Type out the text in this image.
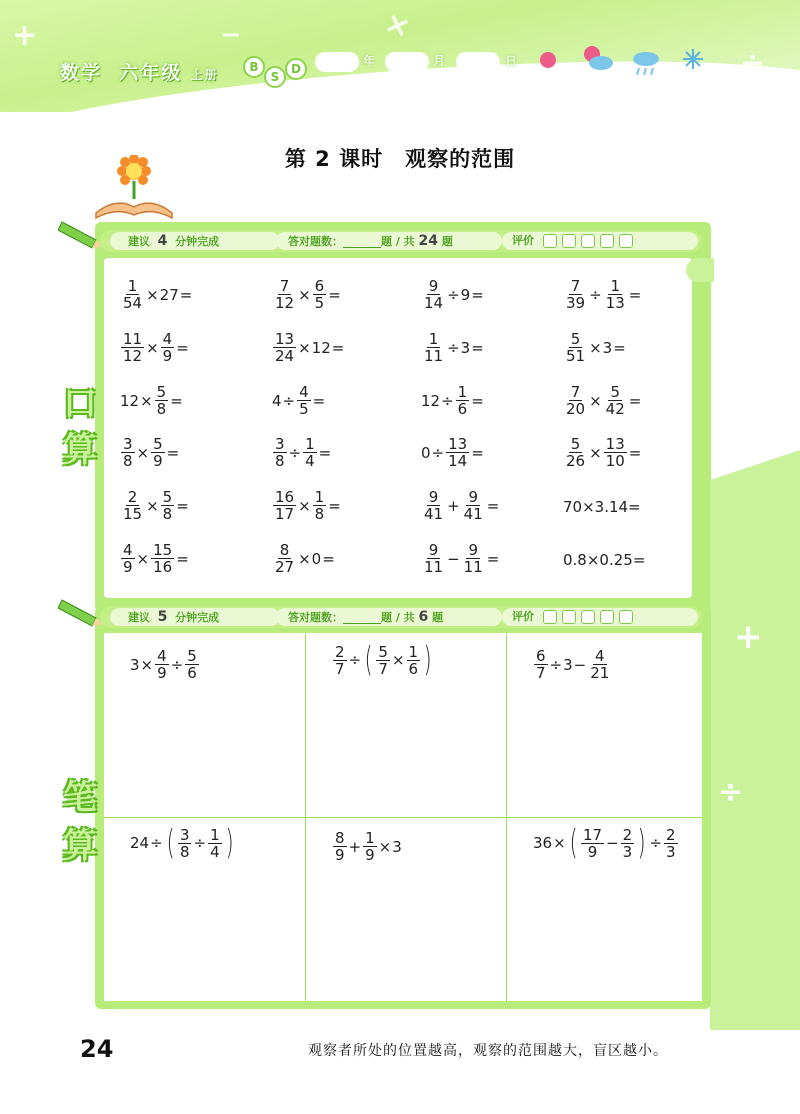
+	−	×
÷
数学 六年级 上册
B
S
D
年	月	日
第 2 课时　观察的范围
建议 4 分钟完成	答对题数：	题 / 共 24 题	评价
口
算
$\frac{1}{54} \times 27$ =	$\frac{7}{12} \times \frac{6}{5}$ =	$\frac{9}{14} \div 9$ =	$\frac{7}{39} \div \frac{1}{13}$ =
$\frac{11}{12} \times \frac{4}{9}$ =	$\frac{13}{24} \times 12$ =	$\frac{1}{11} \div 3$ =	$\frac{5}{51} \times 3$ =
$12 \times \frac{5}{8}$ =	$4 \div \frac{4}{5}$ =	$12 \div \frac{1}{6}$ =	$\frac{7}{20} \times \frac{5}{42}$ =
$\frac{3}{8} \times \frac{5}{9}$ =	$\frac{3}{8} \div \frac{1}{4}$ =	$0 \div \frac{13}{14}$ =	$\frac{5}{26} \times \frac{13}{10}$ =
$\frac{2}{15} \times \frac{5}{8}$ =	$\frac{16}{17} \times \frac{1}{8}$ =	$\frac{9}{41} + \frac{9}{41}$ =	70×3.14=
$\frac{4}{9} \times \frac{15}{16}$ =	$\frac{8}{27} \times 0$ =	$\frac{9}{11} - \frac{9}{11}$ =	0.8×0.25=
+
÷
建议 5 分钟完成	答对题数：	题 / 共 6 题	评价
笔
算
$3 \times \frac{4}{9} \div \frac{5}{6}$	$\frac{2}{7}$ ÷ ( $\frac{5}{7} \times \frac{1}{6}$ )	$\frac{6}{7} \div 3 - \frac{4}{21}$
24 ÷ ( $\frac{3}{8} \div \frac{1}{4}$ )	$\frac{8}{9} + \frac{1}{9} \times 3$	36 × ( $\frac{17}{9} - \frac{2}{3}$ ) ÷ $\frac{2}{3}$
24	观察者所处的位置越高，观察的范围越大，盲区越小。
